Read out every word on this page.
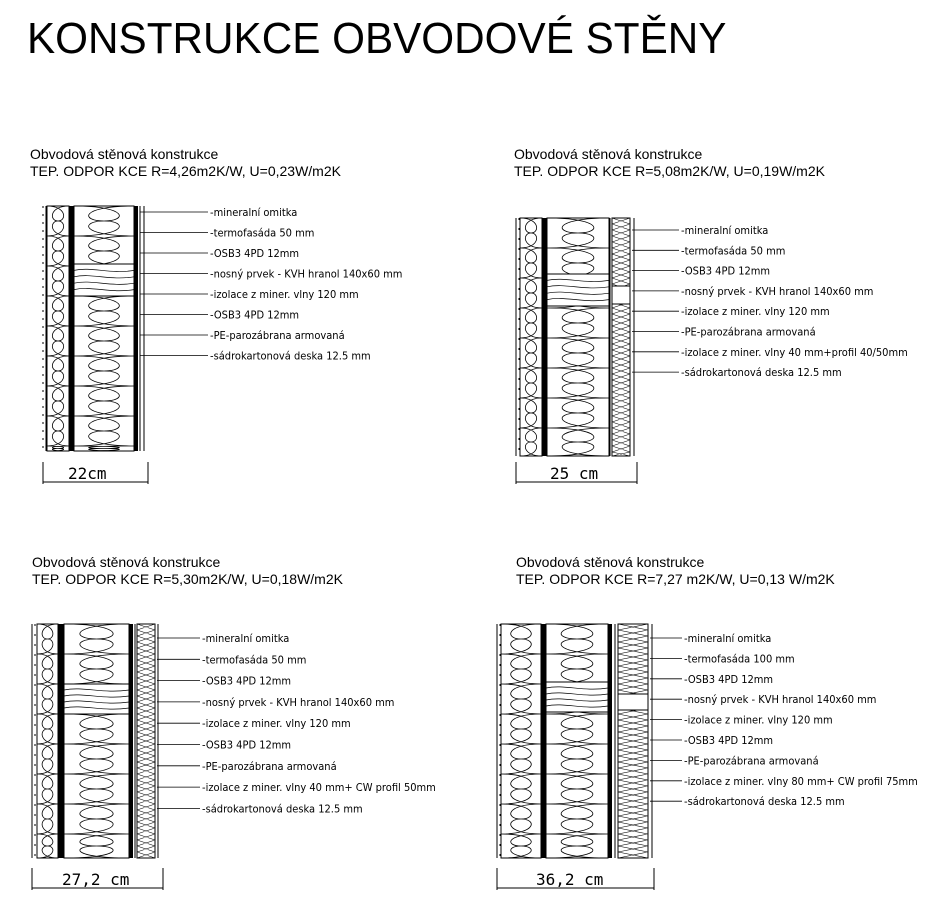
KONSTRUKCE OBVODOVÉ STĚNY
Obvodová stěnová konstrukce
TEP. ODPOR KCE R=4,26m2K/W, U=0,23W/m2K
22cm
-mineralní omitka
-termofasáda 50 mm
-OSB3 4PD 12mm
-nosný prvek - KVH hranol 140x60 mm
-izolace z miner. vlny 120 mm
-OSB3 4PD 12mm
-PE-parozábrana armovaná
-sádrokartonová deska 12.5 mm
Obvodová stěnová konstrukce
TEP. ODPOR KCE R=5,08m2K/W, U=0,19W/m2K
25 cm
-mineralní omitka
-termofasáda 50 mm
-OSB3 4PD 12mm
-nosný prvek - KVH hranol 140x60 mm
-izolace z miner. vlny 120 mm
-PE-parozábrana armovaná
-izolace z miner. vlny 40 mm+profil 40/50mm
-sádrokartonová deska 12.5 mm
Obvodová stěnová konstrukce
TEP. ODPOR KCE R=5,30m2K/W, U=0,18W/m2K
27,2 cm
-mineralní omitka
-termofasáda 50 mm
-OSB3 4PD 12mm
-nosný prvek - KVH hranol 140x60 mm
-izolace z miner. vlny 120 mm
-OSB3 4PD 12mm
-PE-parozábrana armovaná
-izolace z miner. vlny 40 mm+ CW profil 50mm
-sádrokartonová deska 12.5 mm
Obvodová stěnová konstrukce
TEP. ODPOR KCE R=7,27 m2K/W, U=0,13 W/m2K
36,2 cm
-mineralní omitka
-termofasáda 100 mm
-OSB3 4PD 12mm
-nosný prvek - KVH hranol 140x60 mm
-izolace z miner. vlny 120 mm
-OSB3 4PD 12mm
-PE-parozábrana armovaná
-izolace z miner. vlny 80 mm+ CW profil 75mm
-sádrokartonová deska 12.5 mm
